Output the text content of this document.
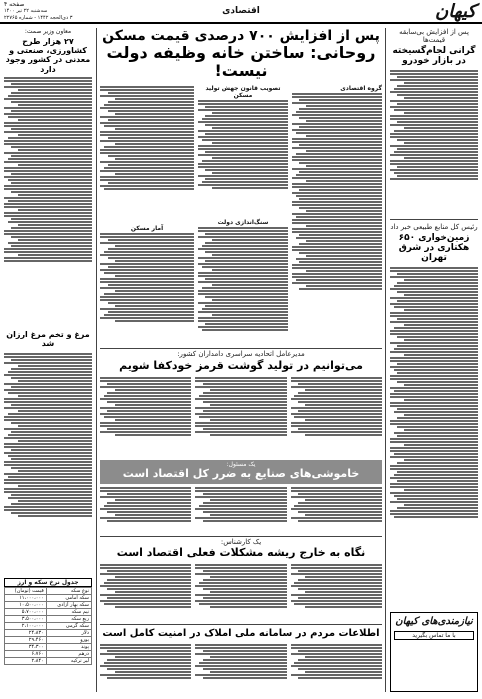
کیهان
اقتصادی
صفحه ۴
سه‌شنبه ۲۲ تیر ۱۴۰۰
۳ ذی‌الحجه ۱۴۴۲ - شماره ۲۲۷۶۵
پس از افزایش بی‌سابقه قیمت‌ها
گرانی لجام‌گسیخته در بازار خودرو
رئیس کل منابع طبیعی خبر داد
زمین‌خواری ۶۵۰ هکتاری در شرق تهران
نیازمندی‌های کیهان
با ما تماس بگیرید
پس از افزایش ۷۰۰ درصدی قیمت مسکن
روحانی: ساختن خانه وظیفه دولت نیست!
گروه اقتصادی
تصویب قانون جهش تولید مسکن
سنگ‌اندازی دولت
آمار مسکن
معاون وزیر صمت:
۲۷ هزار طرح کشاورزی، صنعتی و معدنی در کشور وجود دارد
مرغ و تخم مرغ ارزان شد
جدول نرخ سکه و ارز
نوع سکه	قیمت (تومان)
سکه امامی	۱۱،۰۰۰،۰۰۰
سکه بهار آزادی	۱۰،۵۰۰،۰۰۰
نیم سکه	۵،۷۰۰،۰۰۰
ربع سکه	۳،۵۰۰،۰۰۰
سکه گرمی	۲،۱۰۰،۰۰۰
دلار	۲۴،۸۳۰
یورو	۲۹،۴۶۰
پوند	۳۴،۳۰۰
درهم	۶،۷۶۰
لیر ترکیه	۲،۸۴۰
مدیرعامل اتحادیه سراسری دامداران کشور:
می‌توانیم در تولید گوشت قرمز خودکفا شویم
یک مسئول:
خاموشی‌های صنایع به ضرر کل اقتصاد است
یک کارشناس:
نگاه به خارج ریشه مشکلات فعلی اقتصاد است
اطلاعات مردم در سامانه ملی املاک در امنیت کامل است
